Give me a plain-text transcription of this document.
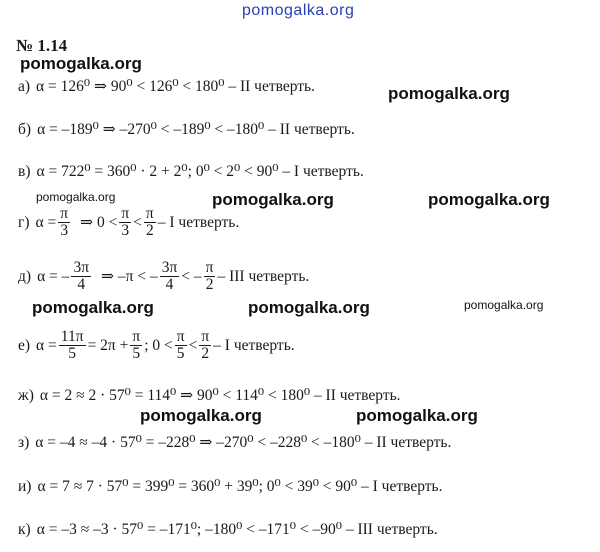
pomogalka.org
№ 1.14
pomogalka.org
pomogalka.org
pomogalka.org	pomogalka.org	pomogalka.org
pomogalka.org	pomogalka.org	pomogalka.org
pomogalka.org	pomogalka.org
а) α = 126⁰ ⇒ 90⁰ < 126⁰ < 180⁰ – II четверть.
б) α = –189⁰ ⇒ –270⁰ < –189⁰ < –180⁰ – II четверть.
в) α = 722⁰ = 360⁰ · 2 + 2⁰; 0⁰ < 2⁰ < 90⁰ – I четверть.
г) $\alpha = \frac{\pi}{3}$ ⇒ $0 < \frac{\pi}{3} < \frac{\pi}{2} - I$ четверть.
д) α = – $\frac{3\pi}{4}$ ⇒ –π < – $\frac{3\pi}{4}$ < – $\frac{\pi}{2}$ – III четверть.
е) $\alpha = \frac{11\pi}{5} = 2\pi + \frac{\pi}{5}$ ; $0 < \frac{\pi}{5} < \frac{\pi}{2} - I$ четверть.
ж) α = 2 ≈ 2 · 57⁰ = 114⁰ ⇒ 90⁰ < 114⁰ < 180⁰ – II четверть.
з) α = –4 ≈ –4 · 57⁰ = –228⁰ ⇒ –270⁰ < –228⁰ < –180⁰ – II четверть.
и) α = 7 ≈ 7 · 57⁰ = 399⁰ = 360⁰ + 39⁰; 0⁰ < 39⁰ < 90⁰ – I четверть.
к) α = –3 ≈ –3 · 57⁰ = –171⁰; –180⁰ < –171⁰ < –90⁰ – III четверть.
